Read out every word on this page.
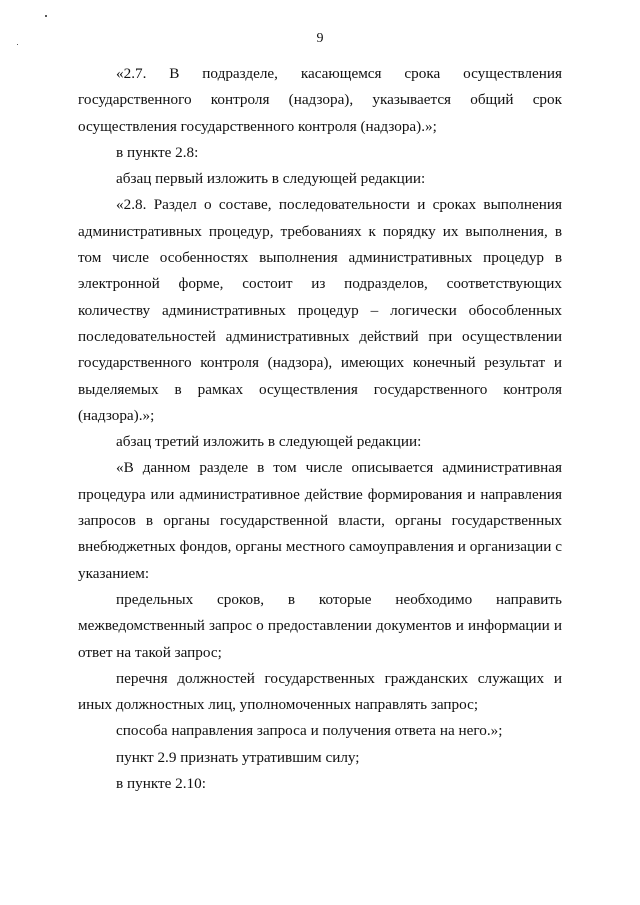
9

«2.7. В подразделе, касающемся срока осуществления государственного контроля (надзора), указывается общий срок осуществления государственного контроля (надзора).»;

в пункте 2.8:

абзац первый изложить в следующей редакции:

«2.8. Раздел о составе, последовательности и сроках выполнения административных процедур, требованиях к порядку их выполнения, в том числе особенностях выполнения административных процедур в электронной форме, состоит из подразделов, соответствующих количеству административных процедур – логически обособленных последовательностей административных действий при осуществлении государственного контроля (надзора), имеющих конечный результат и выделяемых в рамках осуществления государственного контроля (надзора).»;

абзац третий изложить в следующей редакции:

«В данном разделе в том числе описывается административная процедура или административное действие формирования и направления запросов в органы государственной власти, органы государственных внебюджетных фондов, органы местного самоуправления и организации с указанием:

предельных сроков, в которые необходимо направить межведомственный запрос о предоставлении документов и информации и ответ на такой запрос;

перечня должностей государственных гражданских служащих и иных должностных лиц, уполномоченных направлять запрос;

способа направления запроса и получения ответа на него.»;

пункт 2.9 признать утратившим силу;

в пункте 2.10:
